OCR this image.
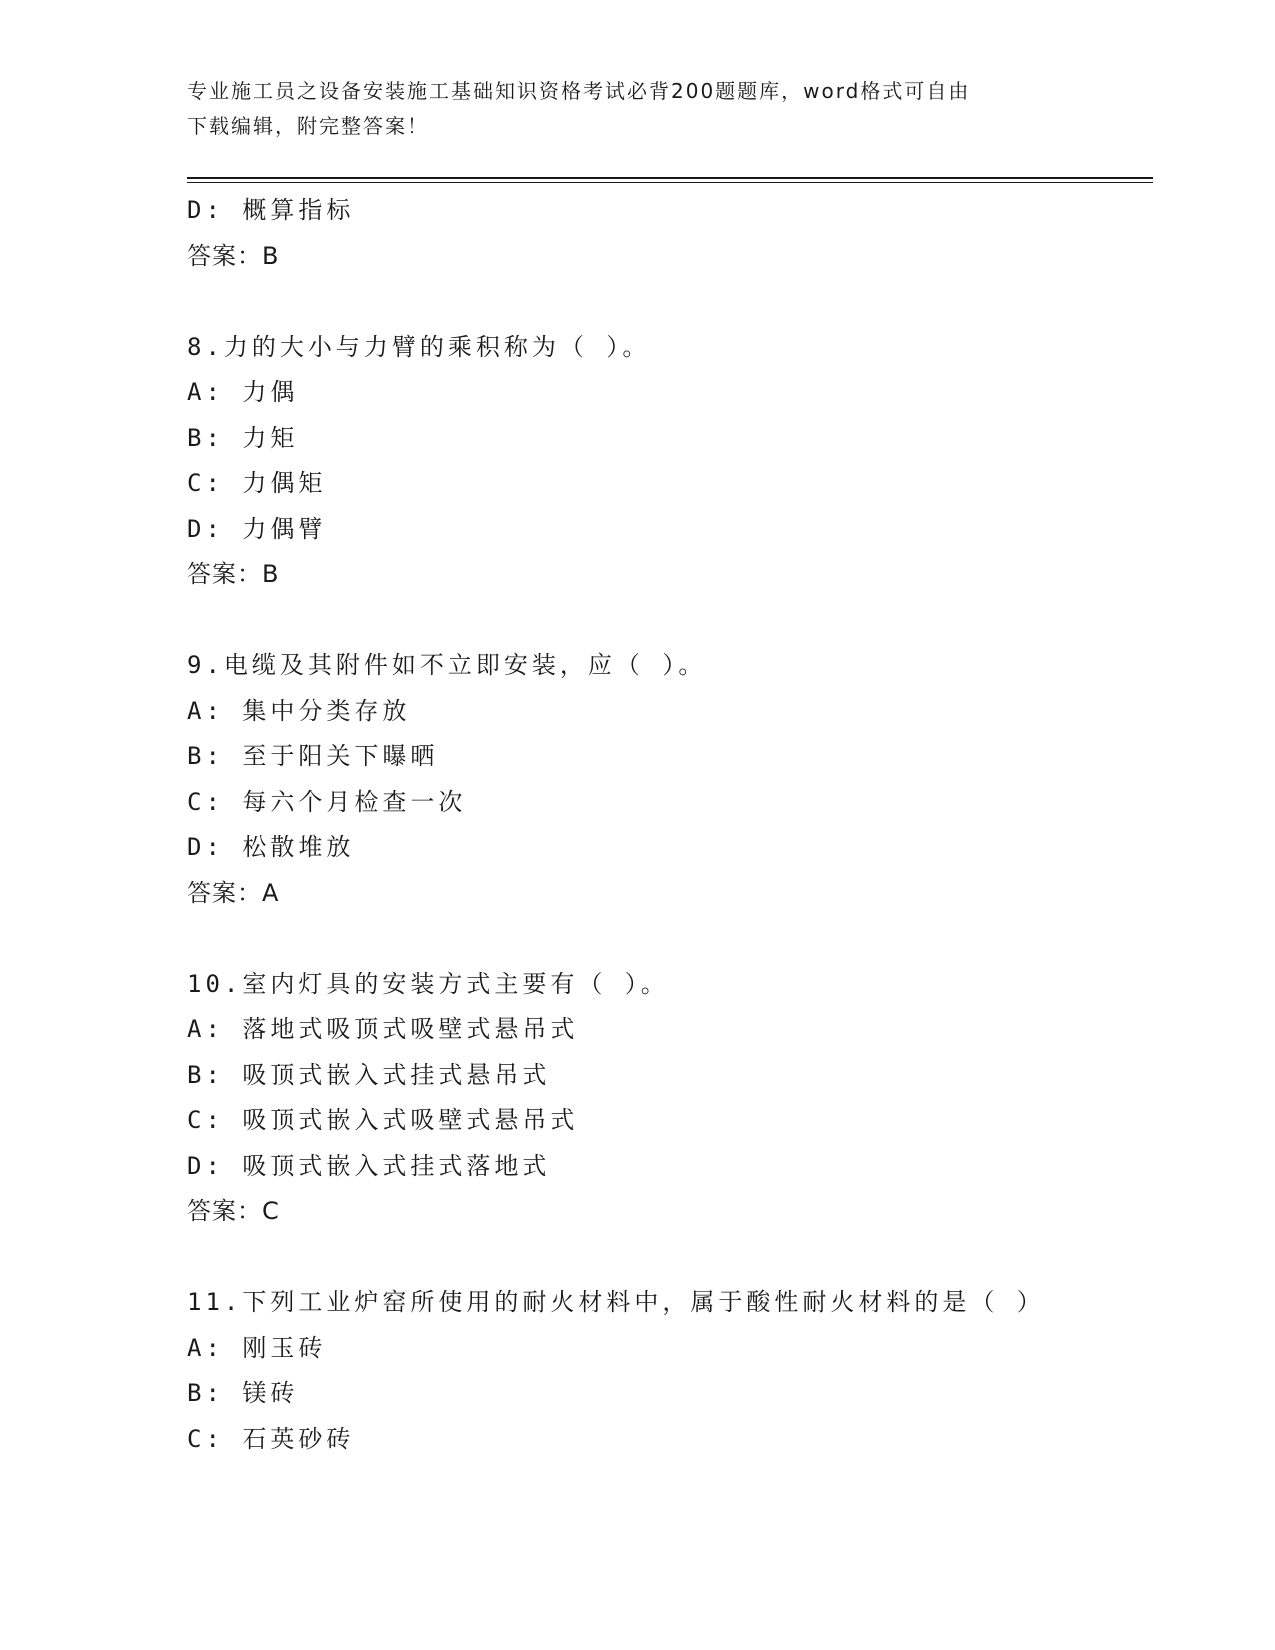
专业施工员之设备安装施工基础知识资格考试必背200题题库，word格式可自由
下载编辑，附完整答案！
D: 概算指标
答案：B
8.力的大小与力臂的乘积称为（ ）。
A: 力偶
B: 力矩
C: 力偶矩
D: 力偶臂
答案：B
9.电缆及其附件如不立即安装，应（ ）。
A: 集中分类存放
B: 至于阳关下曝晒
C: 每六个月检查一次
D: 松散堆放
答案：A
10.室内灯具的安装方式主要有（ ）。
A: 落地式吸顶式吸壁式悬吊式
B: 吸顶式嵌入式挂式悬吊式
C: 吸顶式嵌入式吸壁式悬吊式
D: 吸顶式嵌入式挂式落地式
答案：C
11.下列工业炉窑所使用的耐火材料中，属于酸性耐火材料的是（ ）
A: 刚玉砖
B: 镁砖
C: 石英砂砖
